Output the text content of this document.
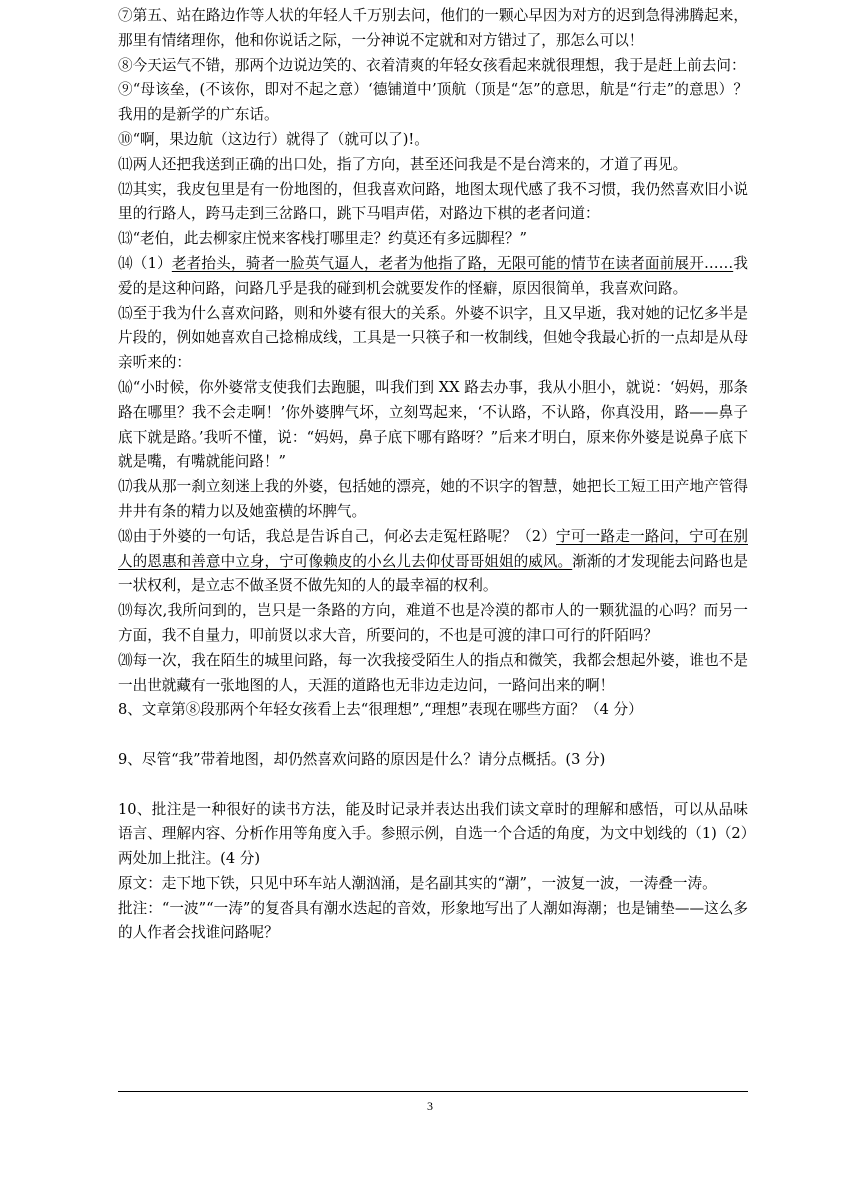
⑦第五、站在路边作等人状的年轻人千万别去问，他们的一颗心早因为对方的迟到急得沸腾起来，那里有情绪理你，他和你说话之际，一分神说不定就和对方错过了，那怎么可以！

⑧今天运气不错，那两个边说边笑的、衣着清爽的年轻女孩看起来就很理想，我于是赶上前去问：

⑨“母该垒，(不该你，即对不起之意）‘德铺道中’顶航（顶是“怎”的意思，航是“行走”的意思）？我用的是新学的广东话。

⑩“啊，果边航（这边行）就得了（就可以了)!。

⑾两人还把我送到正确的出口处，指了方向，甚至还问我是不是台湾来的，才道了再见。

⑿其实，我皮包里是有一份地图的，但我喜欢问路，地图太现代感了我不习惯，我仍然喜欢旧小说里的行路人，跨马走到三岔路口，跳下马唱声偌，对路边下棋的老者问道：

⒀“老伯，此去柳家庄悦来客栈打哪里走？约莫还有多远脚程？”

⒁（1）老者抬头，骑者一脸英气逼人，老者为他指了路，无限可能的情节在读者面前展开……我爱的是这种问路，问路几乎是我的碰到机会就要发作的怪癖，原因很简单，我喜欢问路。

⒂至于我为什么喜欢问路，则和外婆有很大的关系。外婆不识字，且又早逝，我对她的记忆多半是片段的，例如她喜欢自己捻棉成线，工具是一只筷子和一枚制线，但她令我最心折的一点却是从母亲听来的：

⒃“小时候，你外婆常支使我们去跑腿，叫我们到 XX 路去办事，我从小胆小，就说：‘妈妈，那条路在哪里？我不会走啊！’你外婆脾气坏，立刻骂起来，‘不认路，不认路，你真没用，路——鼻子底下就是路。’我听不懂，说：“妈妈，鼻子底下哪有路呀？”后来才明白，原来你外婆是说鼻子底下就是嘴，有嘴就能问路！”

⒄我从那一刹立刻迷上我的外婆，包括她的漂亮，她的不识字的智慧，她把长工短工田产地产管得井井有条的精力以及她蛮横的坏脾气。

⒅由于外婆的一句话，我总是告诉自己，何必去走冤枉路呢？（2）宁可一路走一路问，宁可在别人的恩惠和善意中立身，宁可像赖皮的小幺儿去仰仗哥哥姐姐的威风。渐渐的才发现能去问路也是一状权利，是立志不做圣贤不做先知的人的最幸福的权利。

⒆每次,我所问到的，岂只是一条路的方向，难道不也是冷漠的都市人的一颗犹温的心吗？而另一方面，我不自量力，叩前贤以求大音，所要问的，不也是可渡的津口可行的阡陌吗？

⒇每一次，我在陌生的城里问路，每一次我接受陌生人的指点和微笑，我都会想起外婆，谁也不是一出世就藏有一张地图的人，天涯的道路也无非边走边问，一路问出来的啊！

8、文章第⑧段那两个年轻女孩看上去“很理想”,“理想”表现在哪些方面？（4 分）

9、尽管“我”带着地图，却仍然喜欢问路的原因是什么？请分点概括。(3 分)

10、批注是一种很好的读书方法，能及时记录并表达出我们读文章时的理解和感悟，可以从品味语言、理解内容、分析作用等角度入手。参照示例，自选一个合适的角度，为文中划线的（1)（2）两处加上批注。(4 分)

原文：走下地下铁，只见中环车站人潮汹涌，是名副其实的“潮”，一波复一波，一涛叠一涛。

批注：“一波”“一涛”的复沓具有潮水迭起的音效，形象地写出了人潮如海潮；也是铺垫——这么多的人作者会找谁问路呢？

3
